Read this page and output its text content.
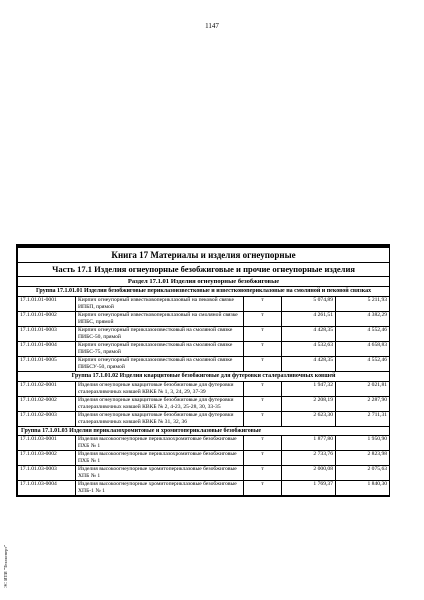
1147
Книга 17 Материалы и изделия огнеупорные				
Часть 17.1 Изделия огнеупорные безобжиговые и прочие огнеупорные изделия				
Раздел 17.1.01 Изделия огнеупорные безобжиговые				
Группа 17.1.01.01 Изделия безобжиговые периклазоизвестковые и известковопериклазовые на смоляной и пековой связках				
17.1.01.01-0001	Кирпич огнеупорный известковопериклазовый на пековой связке ИПБП, прямой	т	5 074,89	5 211,93
17.1.01.01-0002	Кирпич огнеупорный известковопериклазовый на смоляной связке ИПБС, прямой	т	4 261,51	4 382,29
17.1.01.01-0003	Кирпич огнеупорный периклазоизвестковый на смоляной связке ПИБС-50, прямой	т	4 428,35	4 552,46
17.1.01.01-0004	Кирпич огнеупорный периклазоизвестковый на смоляной связке ПИБС-75, прямой	т	4 532,63	4 658,83
17.1.01.01-0005	Кирпич огнеупорный периклазоизвестковый на смоляной связке ПИБСУ-50, прямой	т	4 428,35	4 552,46
Группа 17.1.01.02 Изделия кварцитовые безобжиговые для футеровки сталеразливочных ковшей				
17.1.01.02-0001	Изделия огнеупорные кварцитовые безобжиговые для футеровки сталеразливочных ковшей КВКБ № 1, 3, 24, 29, 37-39	т	1 947,32	2 021,81
17.1.01.02-0002	Изделия огнеупорные кварцитовые безобжиговые для футеровки сталеразливочных ковшей КВКБ № 2, 4-23, 25-28, 30, 33-35	т	2 208,19	2 287,90
17.1.01.02-0003	Изделия огнеупорные кварцитовые безобжиговые для футеровки сталеразливочных ковшей КВКБ № 31, 32, 36	т	2 623,30	2 711,31
Группа 17.1.01.03 Изделия периклазохромитовые и хромитопериклазовые безобжиговые				
17.1.01.03-0001	Изделия высокоогнеупорные периклазохромитовые безобжиговые ПХБ № 1	т	1 877,80	1 950,90
17.1.01.03-0002	Изделия высокоогнеупорные периклазохромитовые безобжиговые ПХБ № 1	т	2 733,76	2 823,98
17.1.01.03-0003	Изделия высокоогнеупорные хромитопериклазовые безобжиговые ХПБ № 1	т	2 000,08	2 075,63
17.1.01.03-0004	Изделия высокоогнеупорные хромитопериклазовые безобжиговые ХПБ-1 № 1	т	1 769,37	1 840,30
ЭС ИТИ "Техэксперт"
